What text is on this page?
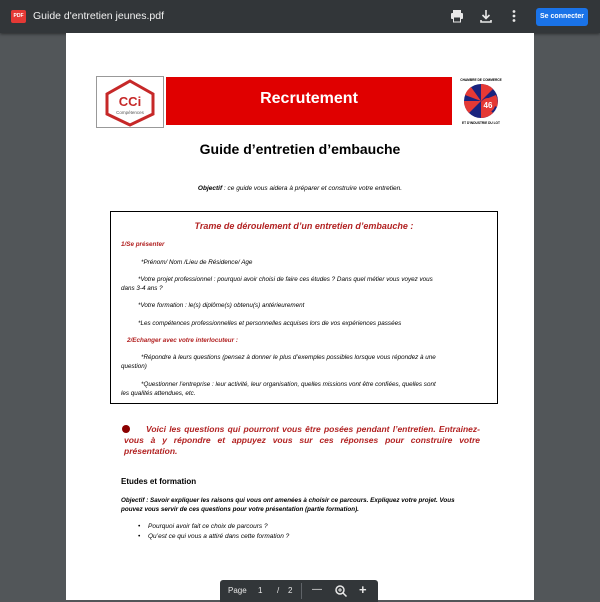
PDF Guide d'entretien jeunes.pdf	Se connecter
CCi
Compétences
Recrutement
CHAMBRE DE COMMERCE
46
ET D'INDUSTRIE DU LOT
Guide d’entretien d’embauche
Objectif : ce guide vous aidera à préparer et construire votre entretien.
Trame de déroulement d’un entretien d’embauche :
1/Se présenter
*Prénom/ Nom /Lieu de Résidence/ Age
*Votre projet professionnel : pourquoi avoir choisi de faire ces études ? Dans quel métier vous voyez vous
dans 3-4 ans ?
*Votre formation : le(s) diplôme(s) obtenu(s) antérieurement
*Les compétences professionnelles et personnelles acquises lors de vos expériences passées
2/Echanger avec votre interlocuteur :
*Répondre à leurs questions (pensez à donner le plus d’exemples possibles lorsque vous répondez à une
question)
*Questionner l’entreprise : leur activité, leur organisation, quelles missions vont être confiées, quelles sont
les qualités attendues, etc.
Voici les questions qui pourront vous être posées pendant l’entretien. Entrainez-vous à y répondre et appuyez vous sur ces réponses pour construire votre présentation.
Etudes et formation
Objectif : Savoir expliquer les raisons qui vous ont amenées à choisir ce parcours. Expliquez votre projet. Vous pouvez vous servir de ces questions pour votre présentation (partie formation).
• Pourquoi avoir fait ce choix de parcours ?
• Qu’est ce qui vous a attiré dans cette formation ?
Page 1 / 2 —	+
